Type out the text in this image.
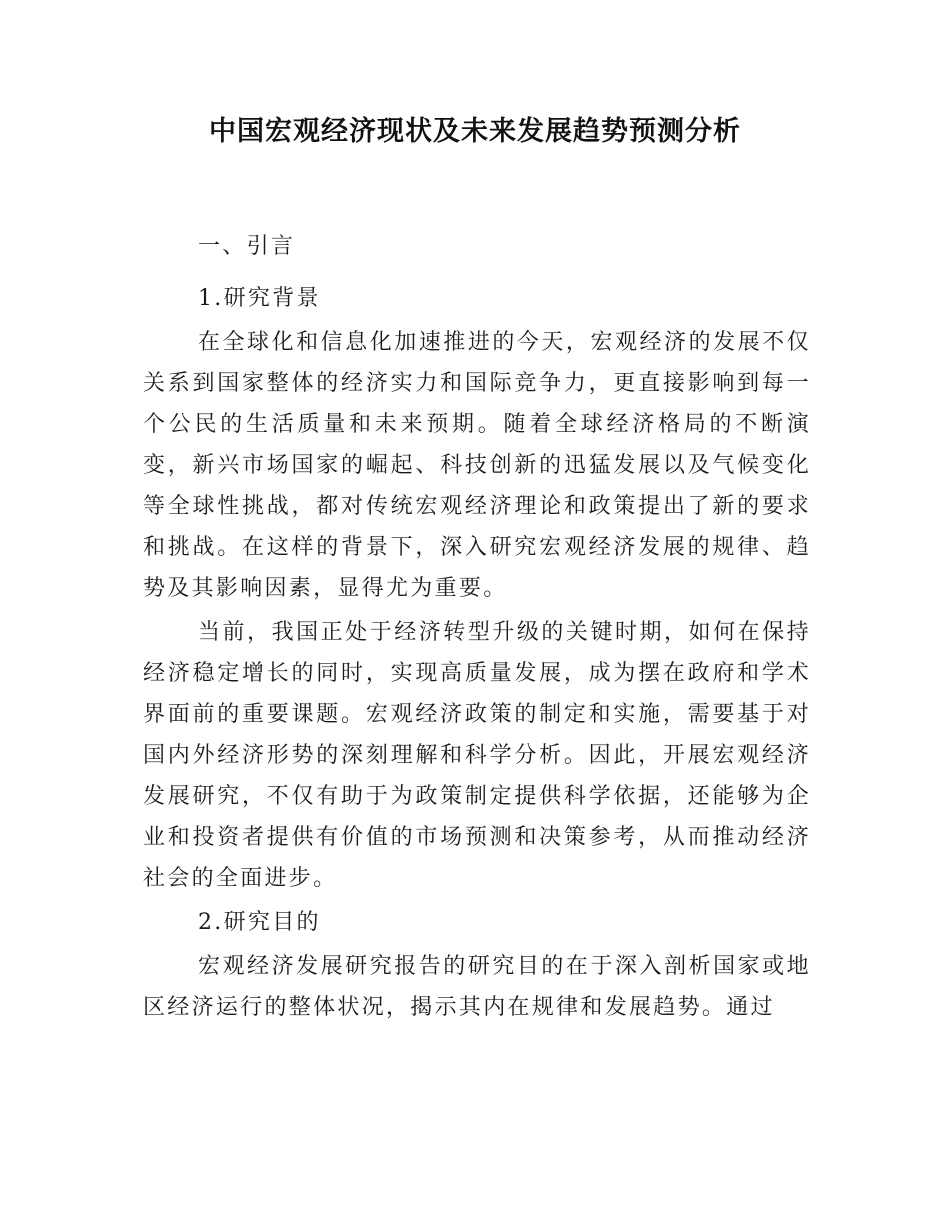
中国宏观经济现状及未来发展趋势预测分析

一、引言

1.研究背景

在全球化和信息化加速推进的今天，宏观经济的发展不仅关系到国家整体的经济实力和国际竞争力，更直接影响到每一个公民的生活质量和未来预期。随着全球经济格局的不断演变，新兴市场国家的崛起、科技创新的迅猛发展以及气候变化等全球性挑战，都对传统宏观经济理论和政策提出了新的要求和挑战。在这样的背景下，深入研究宏观经济发展的规律、趋势及其影响因素，显得尤为重要。

当前，我国正处于经济转型升级的关键时期，如何在保持经济稳定增长的同时，实现高质量发展，成为摆在政府和学术界面前的重要课题。宏观经济政策的制定和实施，需要基于对国内外经济形势的深刻理解和科学分析。因此，开展宏观经济发展研究，不仅有助于为政策制定提供科学依据，还能够为企业和投资者提供有价值的市场预测和决策参考，从而推动经济社会的全面进步。

2.研究目的

宏观经济发展研究报告的研究目的在于深入剖析国家或地区经济运行的整体状况，揭示其内在规律和发展趋势。通过
